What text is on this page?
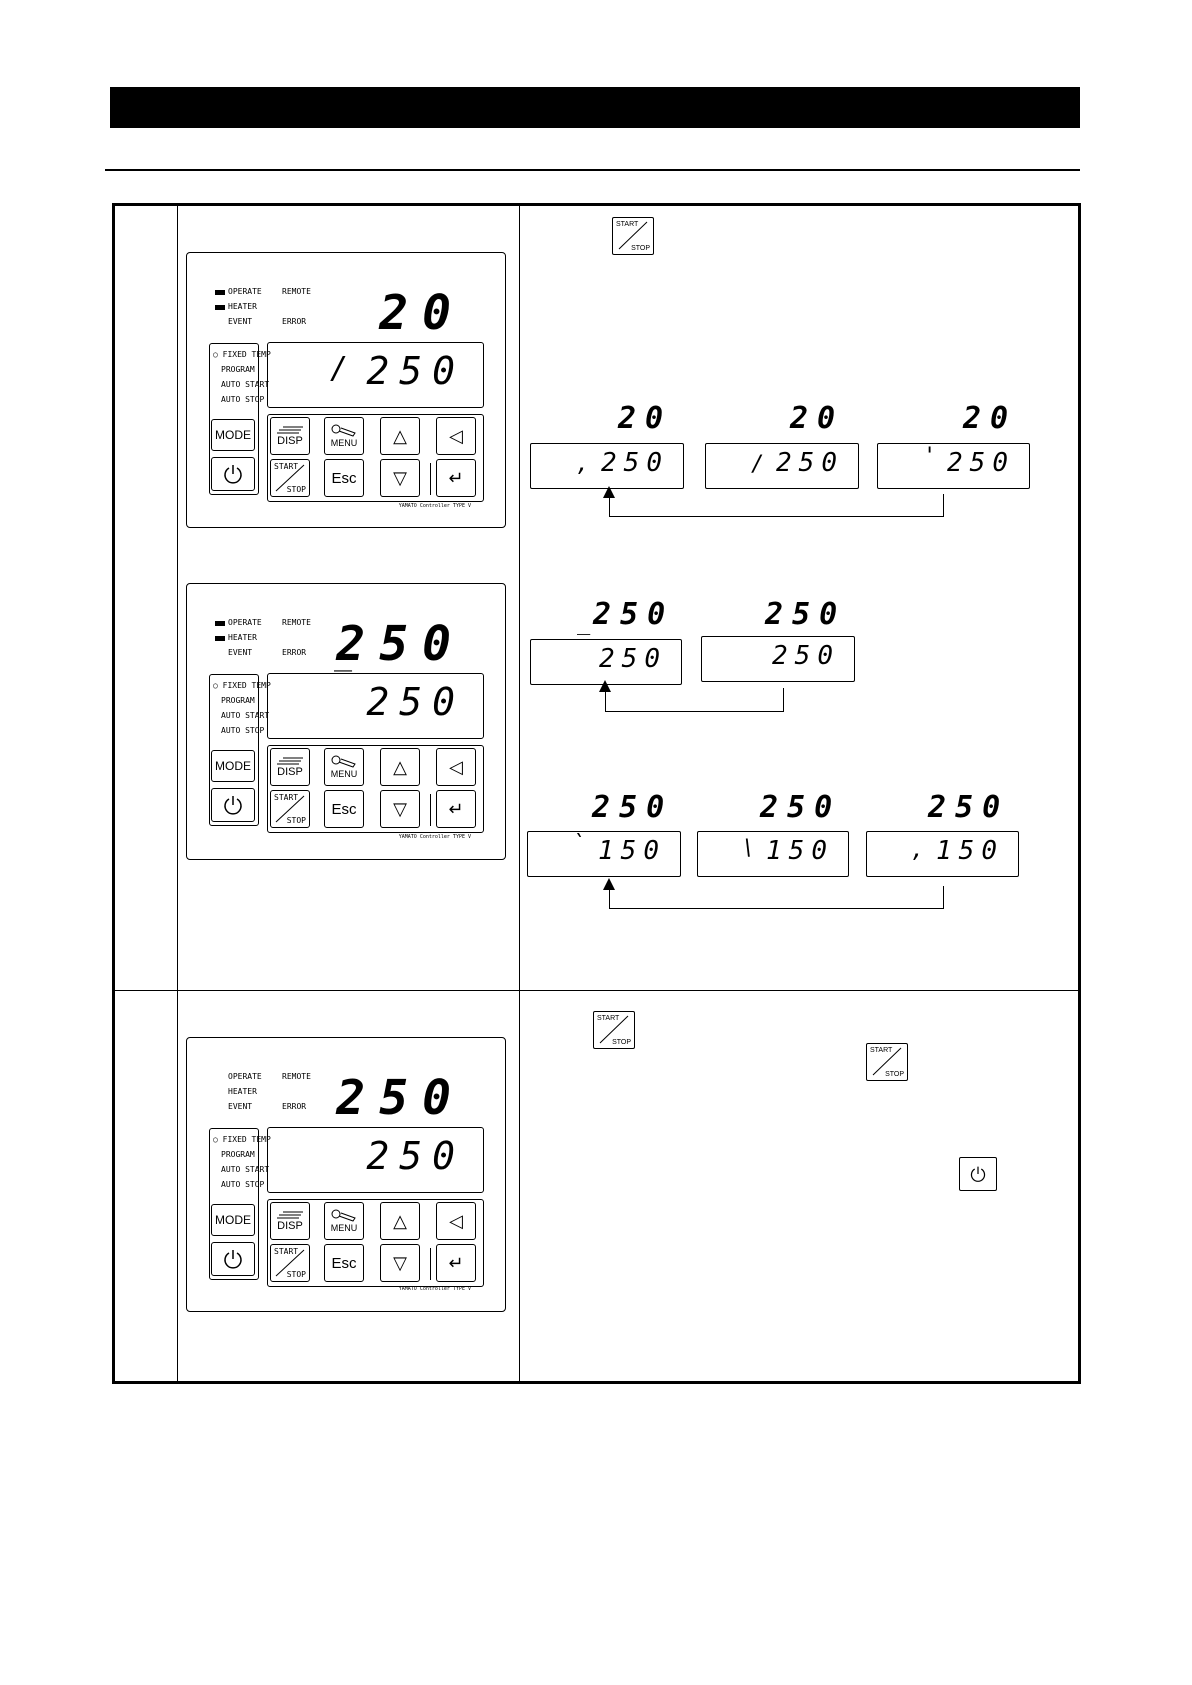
OPERATE	REMOTE
HEATER
EVENT	ERROR 20
○ FIXED TEMP
PROGRAM
AUTO START
AUTO STOP
MODE
/ 250
DISP	MENU △ ◁
START
STOP
Esc	▽ ↵
YAMATO Controller TYPE V
OPERATE	REMOTE
HEATER
EVENT	ERROR 250
○ FIXED TEMP
PROGRAM
AUTO START
AUTO STOP
MODE
‾ 250
DISP	MENU △ ◁
START
STOP
Esc	▽ ↵
YAMATO Controller TYPE V
OPERATE	REMOTE
HEATER
EVENT	ERROR 250
○ FIXED TEMP
PROGRAM
AUTO START
AUTO STOP
MODE
250
DISP	MENU △ ◁
START
STOP
Esc	▽ ↵
YAMATO Controller TYPE V
START
STOP
START
STOP
START
STOP
20	20	20
, 250	/ 250	' 250
250	250
‾ 250	250
250	250	250
` 150	\ 150	, 150
